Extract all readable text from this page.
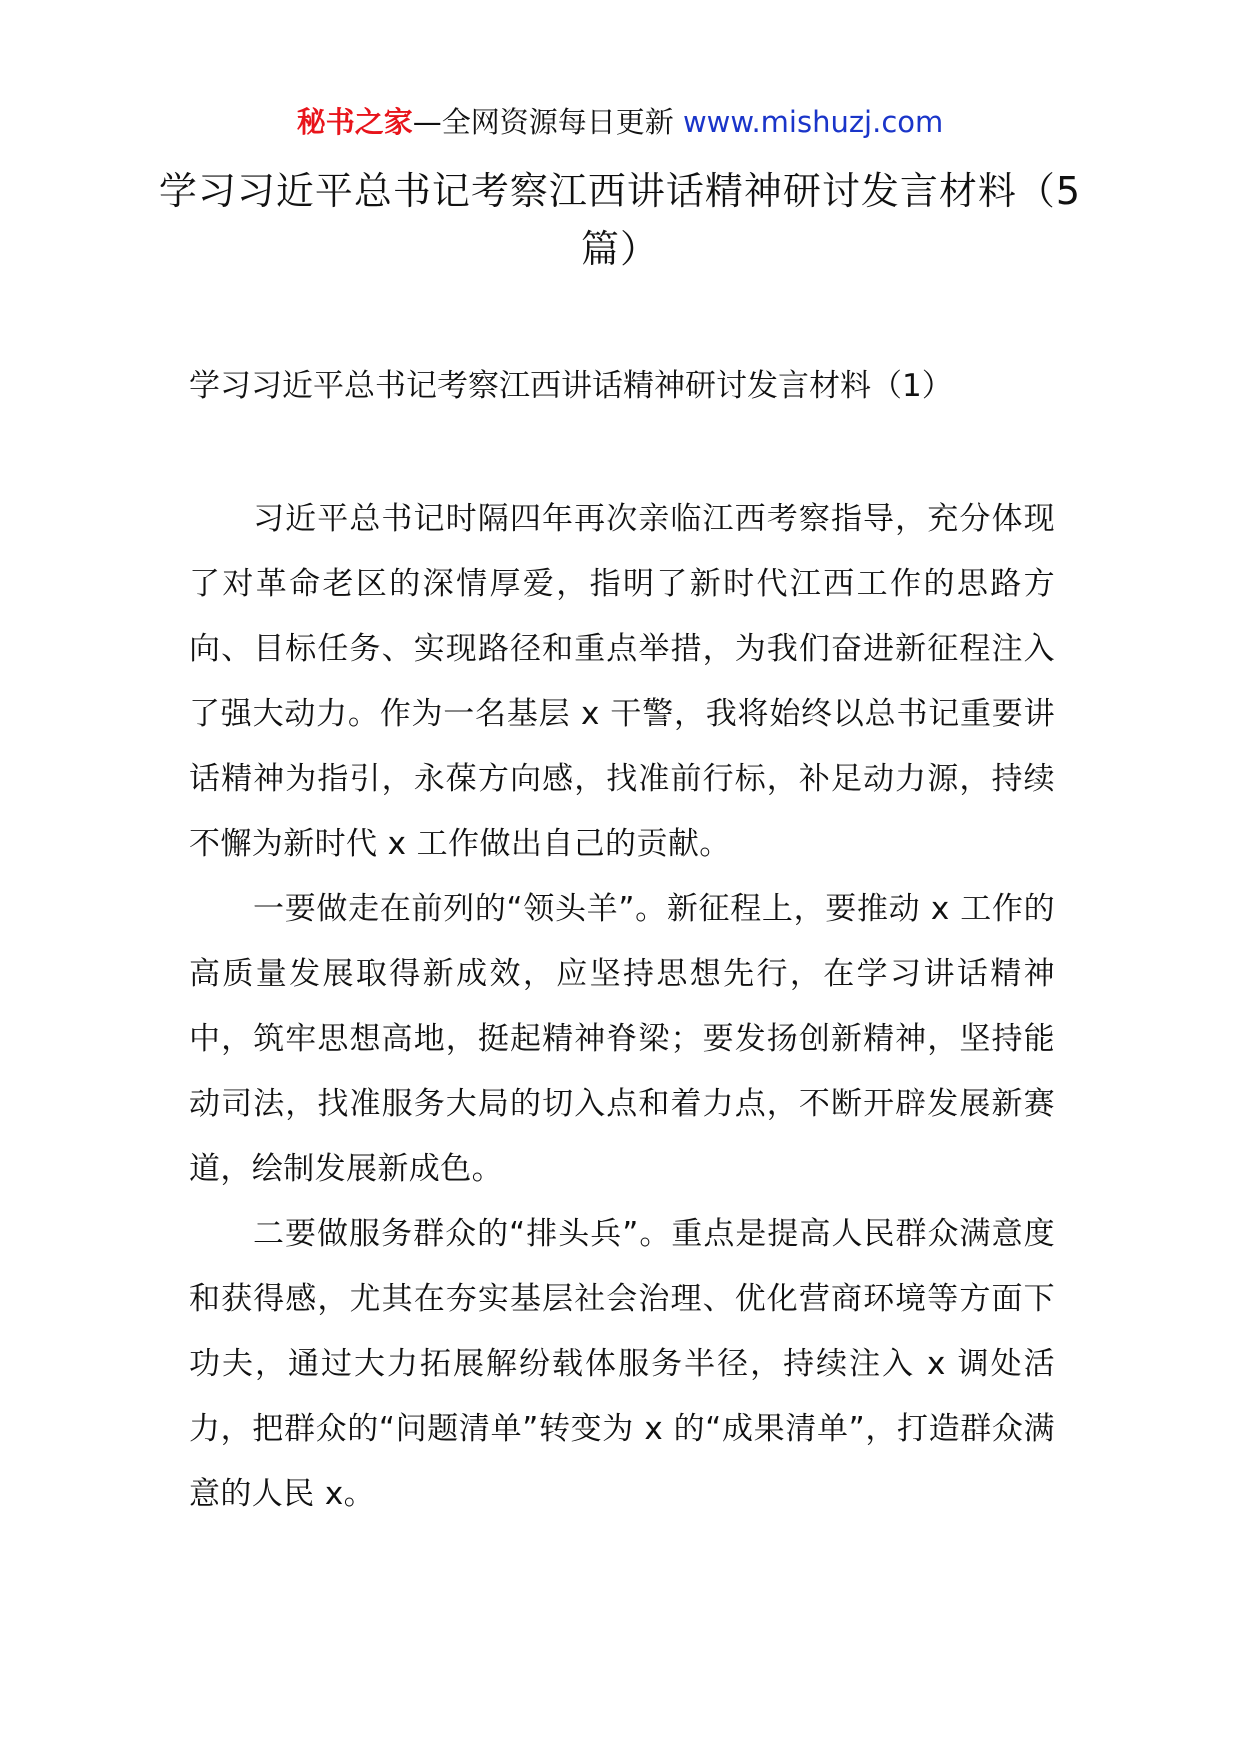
秘书之家—全网资源每日更新 www.mishuzj.com
学习习近平总书记考察江西讲话精神研讨发言材料（5篇）
学习习近平总书记考察江西讲话精神研讨发言材料（1）

习近平总书记时隔四年再次亲临江西考察指导，充分体现了对革命老区的深情厚爱，指明了新时代江西工作的思路方向、目标任务、实现路径和重点举措，为我们奋进新征程注入了强大动力。作为一名基层 x 干警，我将始终以总书记重要讲话精神为指引，永葆方向感，找准前行标，补足动力源，持续不懈为新时代 x 工作做出自己的贡献。

一要做走在前列的“领头羊”。新征程上，要推动 x 工作的高质量发展取得新成效，应坚持思想先行，在学习讲话精神中，筑牢思想高地，挺起精神脊梁；要发扬创新精神，坚持能动司法，找准服务大局的切入点和着力点，不断开辟发展新赛道，绘制发展新成色。

二要做服务群众的“排头兵”。重点是提高人民群众满意度和获得感，尤其在夯实基层社会治理、优化营商环境等方面下功夫，通过大力拓展解纷载体服务半径，持续注入 x 调处活力，把群众的“问题清单”转变为 x 的“成果清单”，打造群众满意的人民 x。
